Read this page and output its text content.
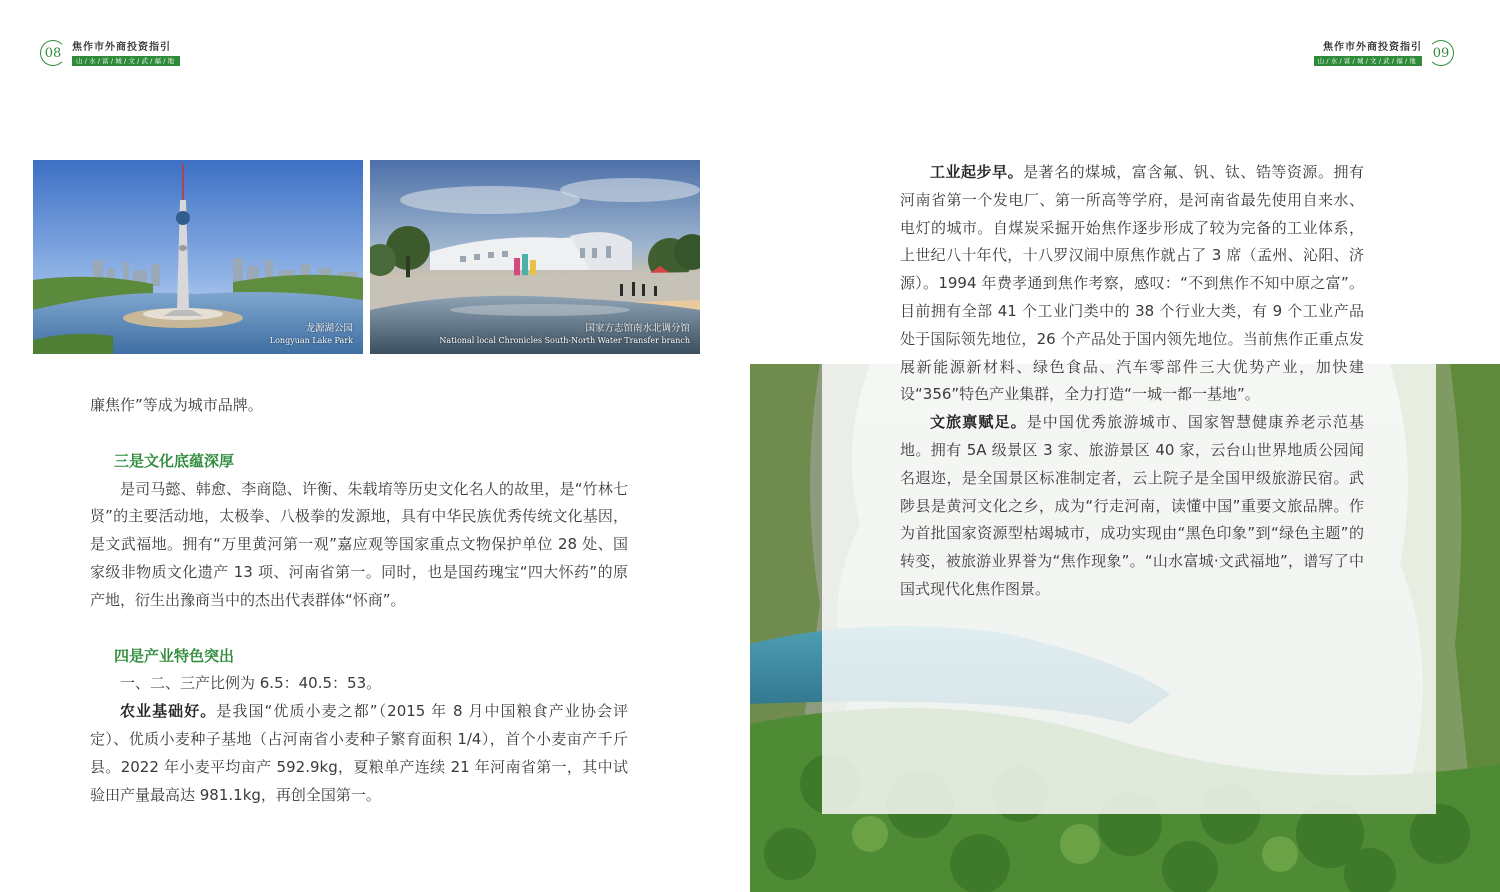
08	焦作市外商投资指引
山/水/富/城/文/武/福/地
龙源湖公园
Longyuan Lake Park
国家方志馆南水北调分馆
National local Chronicles South-North Water Transfer branch

廉焦作”等成为城市品牌。

三是文化底蕴深厚

是司马懿、韩愈、李商隐、许衡、朱载堉等历史文化名人的故里，是“竹林七贤”的主要活动地，太极拳、八极拳的发源地，具有中华民族优秀传统文化基因，是文武福地。拥有“万里黄河第一观”嘉应观等国家重点文物保护单位 28 处、国家级非物质文化遗产 13 项、河南省第一。同时，也是国药瑰宝“四大怀药”的原产地，衍生出豫商当中的杰出代表群体“怀商”。

四是产业特色突出

一、二、三产比例为 6.5：40.5：53。

农业基础好。是我国“优质小麦之都”（2015 年 8 月中国粮食产业协会评定）、优质小麦种子基地（占河南省小麦种子繁育面积 1/4），首个小麦亩产千斤县。2022 年小麦平均亩产 592.9kg，夏粮单产连续 21 年河南省第一，其中试验田产量最高达 981.1kg，再创全国第一。

09
焦作市外商投资指引
山/水/富/城/文/武/福/地

工业起步早。是著名的煤城，富含氟、钒、钛、锆等资源。拥有河南省第一个发电厂、第一所高等学府，是河南省最先使用自来水、电灯的城市。自煤炭采掘开始焦作逐步形成了较为完备的工业体系，上世纪八十年代，十八罗汉闹中原焦作就占了 3 席（孟州、沁阳、济源）。1994 年费孝通到焦作考察，感叹：“不到焦作不知中原之富”。目前拥有全部 41 个工业门类中的 38 个行业大类，有 9 个工业产品处于国际领先地位，26 个产品处于国内领先地位。当前焦作正重点发展新能源新材料、绿色食品、汽车零部件三大优势产业，加快建设“356”特色产业集群，全力打造“一城一都一基地”。

文旅禀赋足。是中国优秀旅游城市、国家智慧健康养老示范基地。拥有 5A 级景区 3 家、旅游景区 40 家，云台山世界地质公园闻名遐迩，是全国景区标准制定者，云上院子是全国甲级旅游民宿。武陟县是黄河文化之乡，成为“行走河南，读懂中国”重要文旅品牌。作为首批国家资源型枯竭城市，成功实现由“黑色印象”到“绿色主题”的转变，被旅游业界誉为“焦作现象”。“山水富城·文武福地”，谱写了中国式现代化焦作图景。
